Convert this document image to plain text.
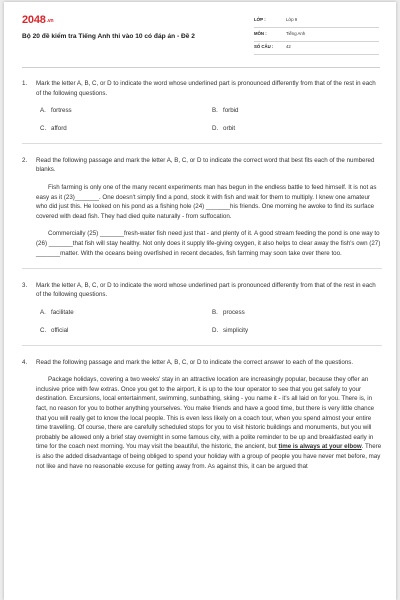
2048.vn
Bộ 20 đề kiểm tra Tiếng Anh thi vào 10 có đáp án - Đề 2
LỚP :	Lớp 9
MÔN :	Tiếng Anh
SỐ CÂU :	42
1. Mark the letter A, B, C, or D to indicate the word whose underlined part is pronounced differently from that of the rest in each of the following questions.

A. fortress	B. forbid
C. afford	D. orbit
2. Read the following passage and mark the letter A, B, C, or D to indicate the correct word that best fits each of the numbered blanks.

Fish farming is only one of the many recent experiments man has begun in the endless battle to feed himself. It is not as easy as it (23)_______. One doesn't simply find a pond, stock it with fish and wait for them to multiply. I knew one amateur who did just this. He looked on his pond as a fishing hole (24) _______his friends. One morning he awoke to find its surface covered with dead fish. They had died quite naturally - from suffocation.

Commercially (25) _______fresh-water fish need just that - and plenty of it. A good stream feeding the pond is one way to (26) _______that fish will stay healthy. Not only does it supply life-giving oxygen, it also helps to clear away the fish's own (27) _______matter. With the oceans being overfished in recent decades, fish farming may soon take over there too.

3. Mark the letter A, B, C, or D to indicate the word whose underlined part is pronounced differently from that of the rest in each of the following questions.

A. facilitate	B. process
C. official	D. simplicity
4. Read the following passage and mark the letter A, B, C, or D to indicate the correct answer to each of the questions.

Package holidays, covering a two weeks' stay in an attractive location are increasingly popular, because they offer an inclusive price with few extras. Once you get to the airport, it is up to the tour operator to see that you get safely to your destination. Excursions, local entertainment, swimming, sunbathing, skiing - you name it - it's all laid on for you. There is, in fact, no reason for you to bother anything yourselves. You make friends and have a good time, but there is very little chance that you will really get to know the local people. This is even less likely on a coach tour, when you spend almost your entire time travelling. Of course, there are carefully scheduled stops for you to visit historic buildings and monuments, but you will probably be allowed only a brief stay overnight in some famous city, with a polite reminder to be up and breakfasted early in time for the coach next morning. You may visit the beautiful, the historic, the ancient, but time is always at your elbow. There is also the added disadvantage of being obliged to spend your holiday with a group of people you have never met before, may not like and have no reasonable excuse for getting away from. As against this, it can be argued that
